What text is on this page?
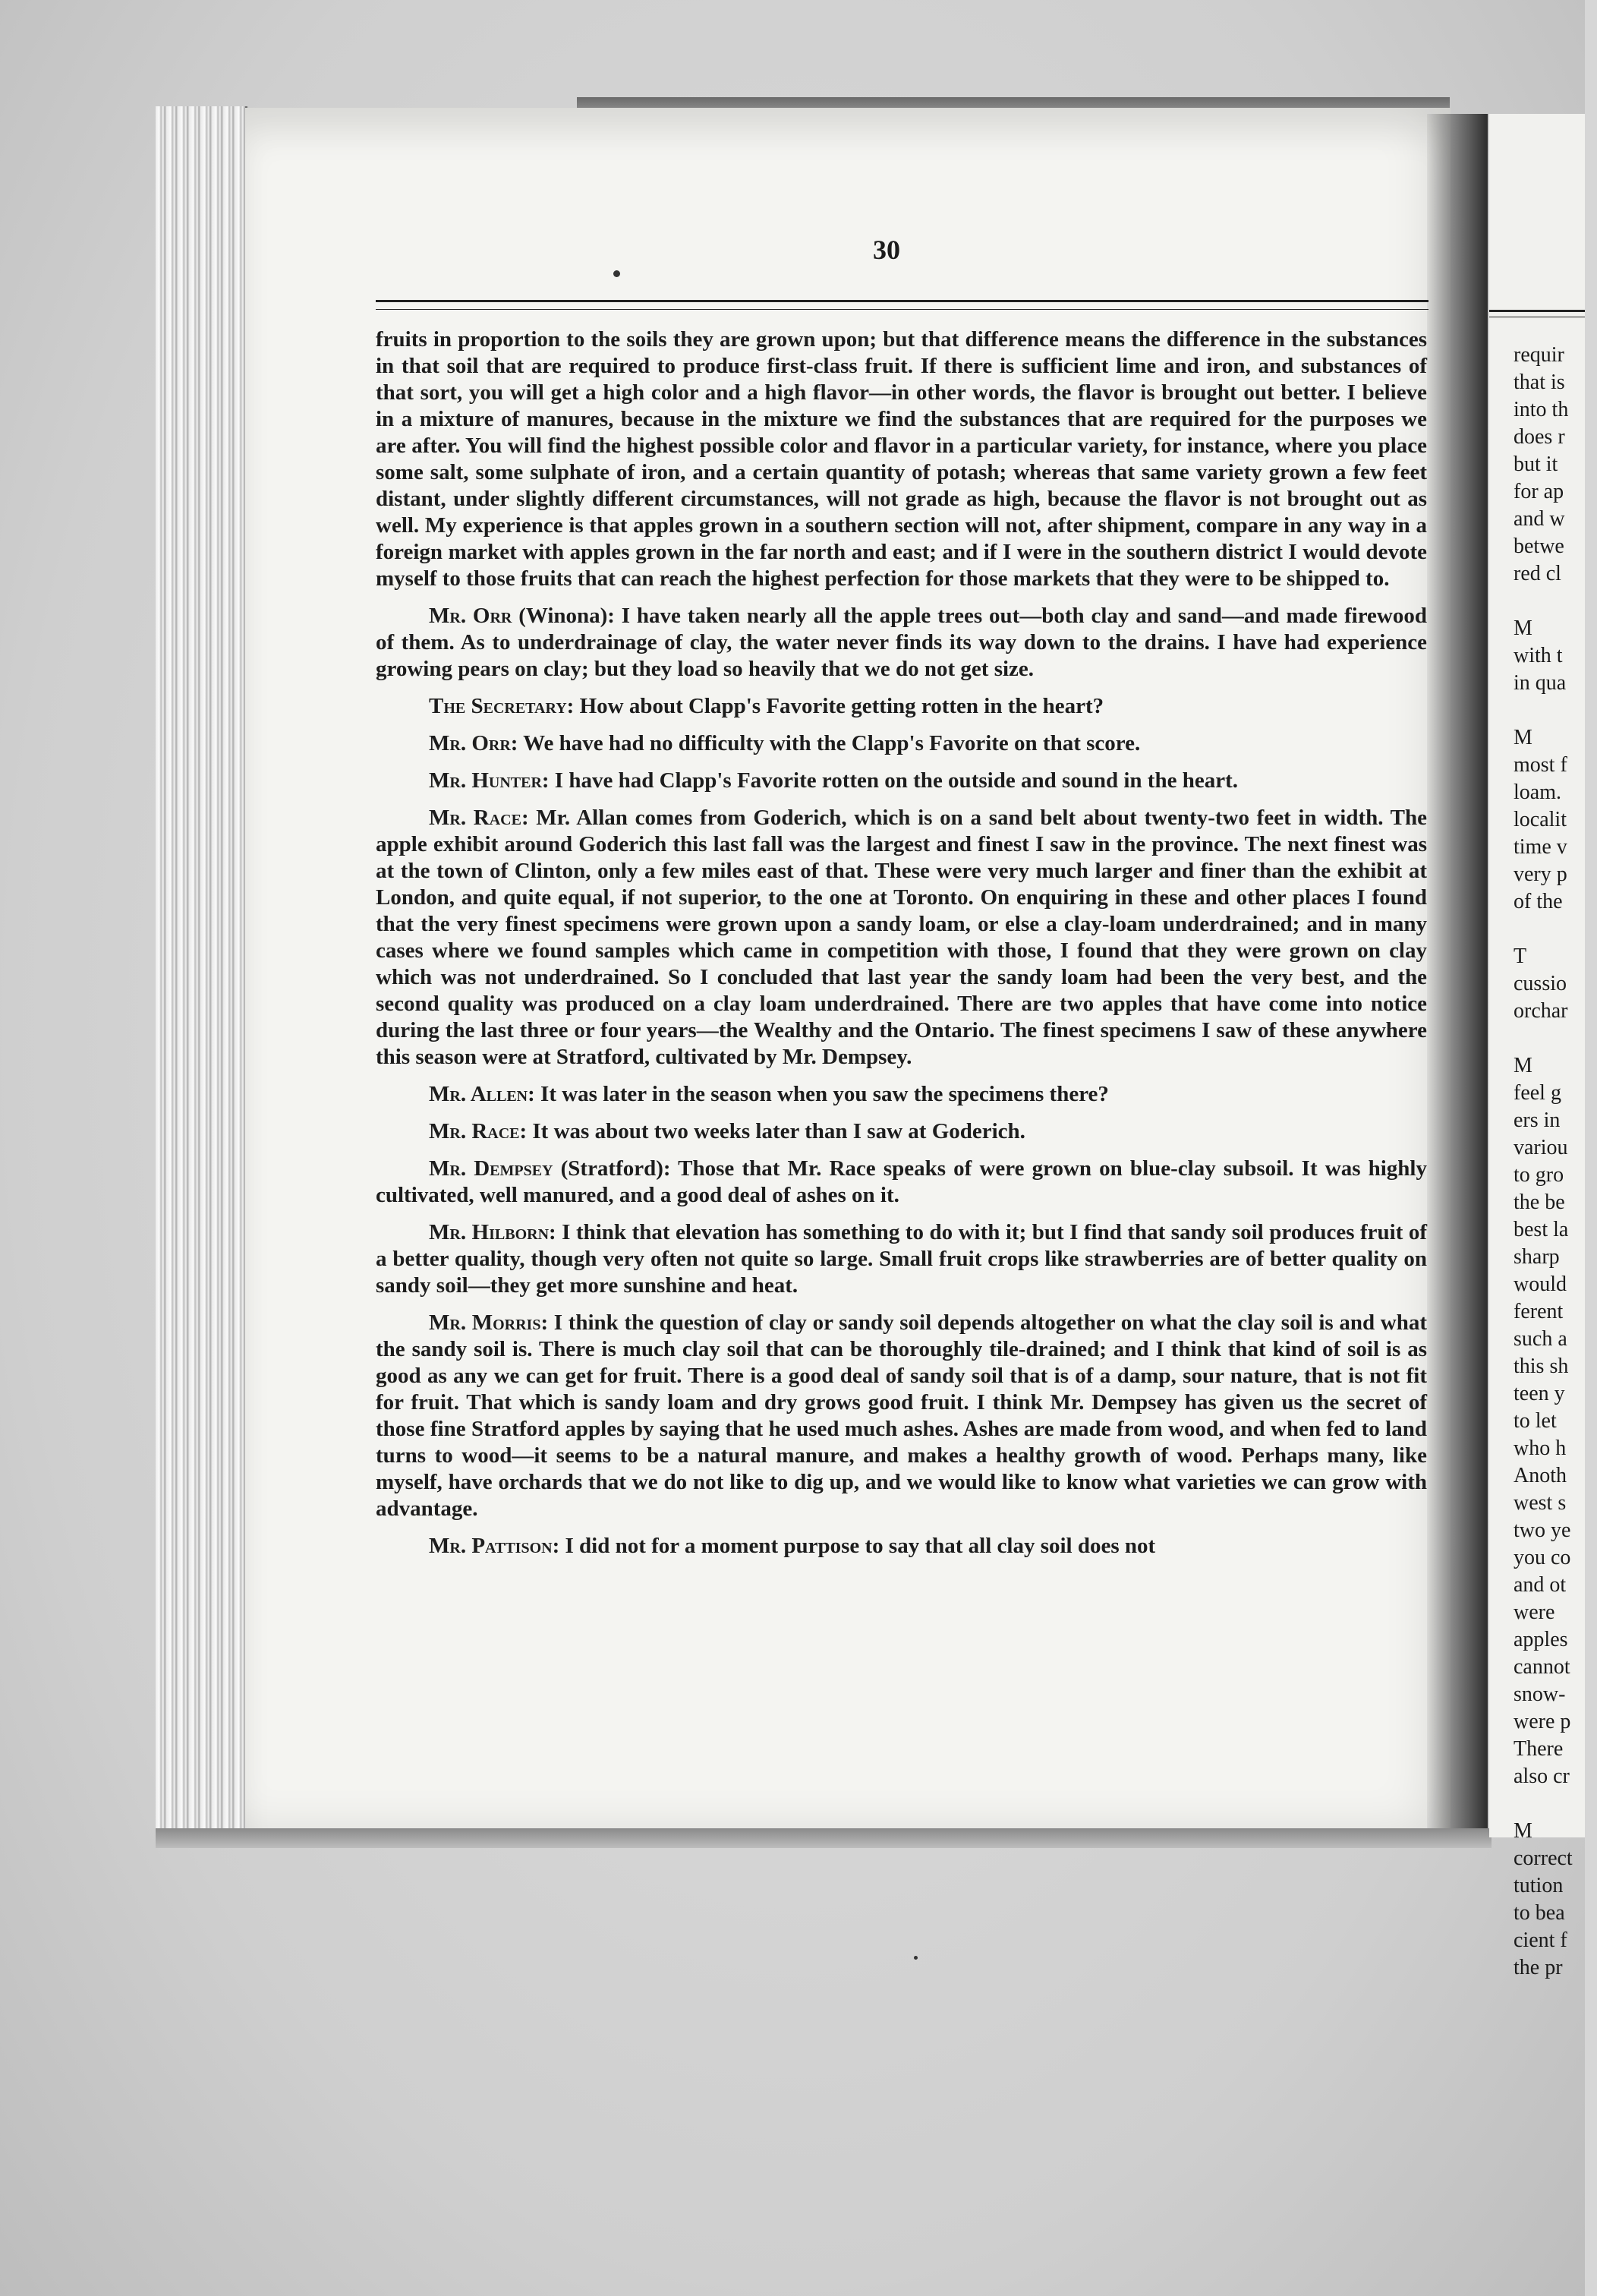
requir
that is
into th
does r
but it
for ap
and w
betwe
red cl
M
with t
in qua
M
most f
loam.
localit
time v
very p
of the
T
cussio
orchar
M
feel g
ers in
variou
to gro
the be
best la
sharp
would
ferent
such a
this sh
teen y
to let
who h
Anoth
west s
two ye
you co
and ot
were
apples
cannot
snow-
were p
There
also cr
M
correct
tution
to bea
cient f
the pr
30

fruits in proportion to the soils they are grown upon; but that difference means the difference in the substances in that soil that are required to produce first-class fruit. If there is sufficient lime and iron, and substances of that sort, you will get a high color and a high flavor—in other words, the flavor is brought out better. I believe in a mixture of manures, because in the mixture we find the substances that are required for the purposes we are after. You will find the highest possible color and flavor in a particular variety, for instance, where you place some salt, some sulphate of iron, and a certain quantity of potash; whereas that same variety grown a few feet distant, under slightly different circumstances, will not grade as high, because the flavor is not brought out as well. My experience is that apples grown in a southern section will not, after shipment, compare in any way in a foreign market with apples grown in the far north and east; and if I were in the southern district I would devote myself to those fruits that can reach the highest perfection for those markets that they were to be shipped to.

Mr. Orr (Winona): I have taken nearly all the apple trees out—both clay and sand—and made firewood of them. As to underdrainage of clay, the water never finds its way down to the drains. I have had experience growing pears on clay; but they load so heavily that we do not get size.

The Secretary: How about Clapp's Favorite getting rotten in the heart?

Mr. Orr: We have had no difficulty with the Clapp's Favorite on that score.

Mr. Hunter: I have had Clapp's Favorite rotten on the outside and sound in the heart.

Mr. Race: Mr. Allan comes from Goderich, which is on a sand belt about twenty-two feet in width. The apple exhibit around Goderich this last fall was the largest and finest I saw in the province. The next finest was at the town of Clinton, only a few miles east of that. These were very much larger and finer than the exhibit at London, and quite equal, if not superior, to the one at Toronto. On enquiring in these and other places I found that the very finest specimens were grown upon a sandy loam, or else a clay-loam underdrained; and in many cases where we found samples which came in competition with those, I found that they were grown on clay which was not underdrained. So I concluded that last year the sandy loam had been the very best, and the second quality was produced on a clay loam underdrained. There are two apples that have come into notice during the last three or four years—the Wealthy and the Ontario. The finest specimens I saw of these anywhere this season were at Stratford, cultivated by Mr. Dempsey.

Mr. Allen: It was later in the season when you saw the specimens there?

Mr. Race: It was about two weeks later than I saw at Goderich.

Mr. Dempsey (Stratford): Those that Mr. Race speaks of were grown on blue-clay subsoil. It was highly cultivated, well manured, and a good deal of ashes on it.

Mr. Hilborn: I think that elevation has something to do with it; but I find that sandy soil produces fruit of a better quality, though very often not quite so large. Small fruit crops like strawberries are of better quality on sandy soil—they get more sunshine and heat.

Mr. Morris: I think the question of clay or sandy soil depends altogether on what the clay soil is and what the sandy soil is. There is much clay soil that can be thoroughly tile-drained; and I think that kind of soil is as good as any we can get for fruit. There is a good deal of sandy soil that is of a damp, sour nature, that is not fit for fruit. That which is sandy loam and dry grows good fruit. I think Mr. Dempsey has given us the secret of those fine Stratford apples by saying that he used much ashes. Ashes are made from wood, and when fed to land turns to wood—it seems to be a natural manure, and makes a healthy growth of wood. Perhaps many, like myself, have orchards that we do not like to dig up, and we would like to know what varieties we can grow with advantage.

Mr. Pattison: I did not for a moment purpose to say that all clay soil does not
